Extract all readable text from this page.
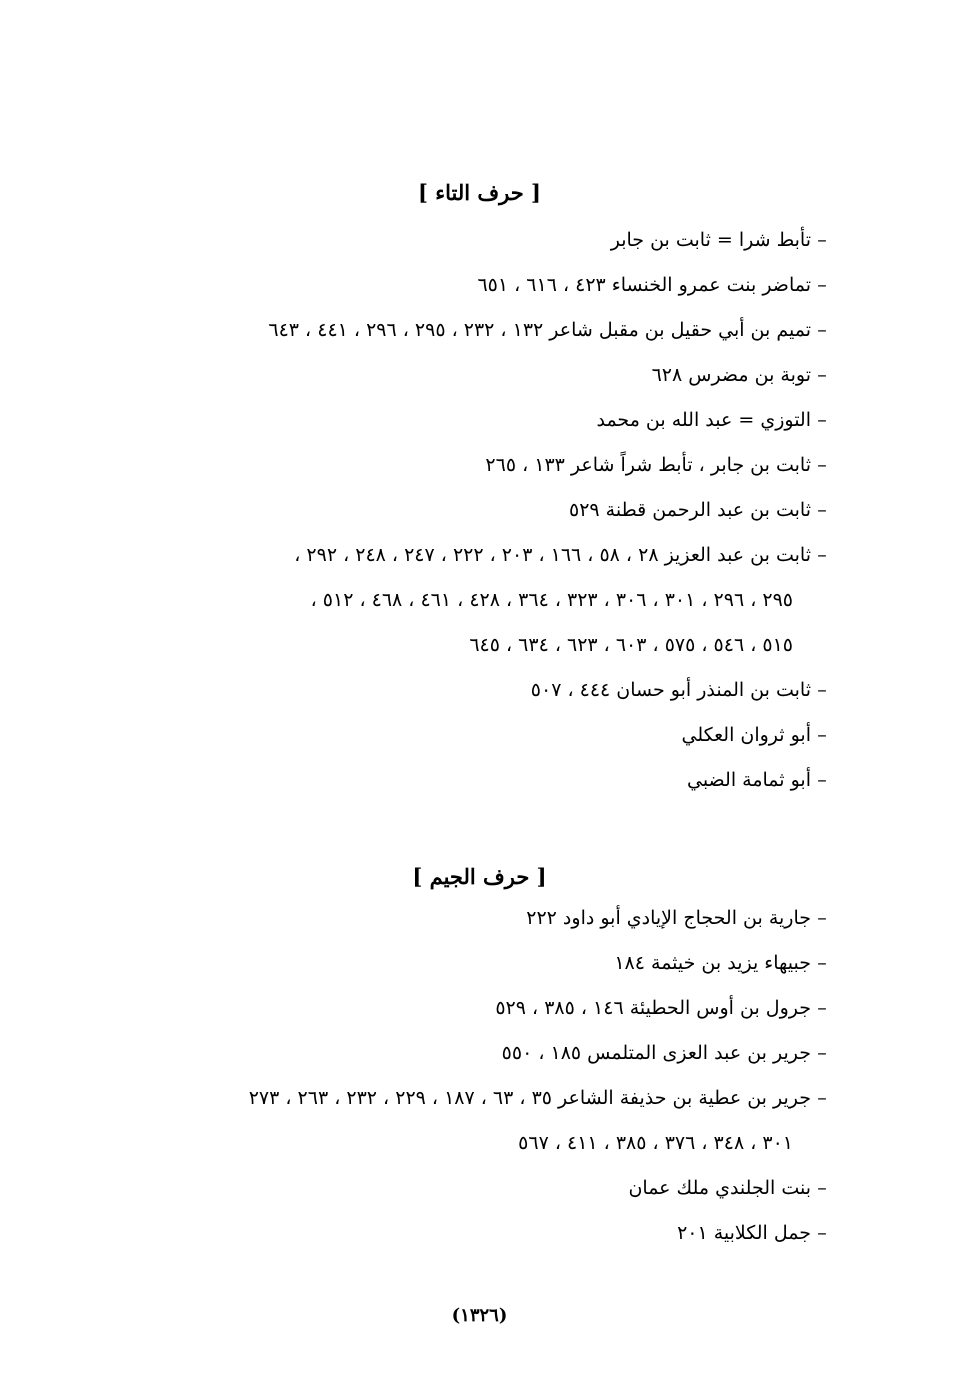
[ حرف التاء ]
–تأبط شرا = ثابت بن جابر
–تماضر بنت عمرو الخنساء ٤٢٣ ، ٦١٦ ، ٦٥١
–تميم بن أبي حقيل بن مقبل شاعر ١٣٢ ، ٢٣٢ ، ٢٩٥ ، ٢٩٦ ، ٤٤١ ، ٦٤٣
–توبة بن مضرس ٦٢٨
–التوزي = عبد الله بن محمد
–ثابت بن جابر ، تأبط شراً شاعر ١٣٣ ، ٢٦٥
–ثابت بن عبد الرحمن قطنة ٥٢٩
–ثابت بن عبد العزيز ٢٨ ، ٥٨ ، ١٦٦ ، ٢٠٣ ، ٢٢٢ ، ٢٤٧ ، ٢٤٨ ، ٢٩٢ ،
٢٩٥ ، ٢٩٦ ، ٣٠١ ، ٣٠٦ ، ٣٢٣ ، ٣٦٤ ، ٤٢٨ ، ٤٦١ ، ٤٦٨ ، ٥١٢ ،
٥١٥ ، ٥٤٦ ، ٥٧٥ ، ٦٠٣ ، ٦٢٣ ، ٦٣٤ ، ٦٤٥
–ثابت بن المنذر أبو حسان ٤٤٤ ، ٥٠٧
–أبو ثروان العكلي
–أبو ثمامة الضبي
[ حرف الجيم ]
–جارية بن الحجاج الإيادي أبو داود ٢٢٢
–جبيهاء يزيد بن خيثمة ١٨٤
–جرول بن أوس الحطيئة ١٤٦ ، ٣٨٥ ، ٥٢٩
–جرير بن عبد العزى المتلمس ١٨٥ ، ٥٥٠
–جرير بن عطية بن حذيفة الشاعر ٣٥ ، ٦٣ ، ١٨٧ ، ٢٢٩ ، ٢٣٢ ، ٢٦٣ ، ٢٧٣
٣٠١ ، ٣٤٨ ، ٣٧٦ ، ٣٨٥ ، ٤١١ ، ٥٦٧
–بنت الجلندي ملك عمان
–جمل الكلابية ٢٠١
(١٣٢٦)
